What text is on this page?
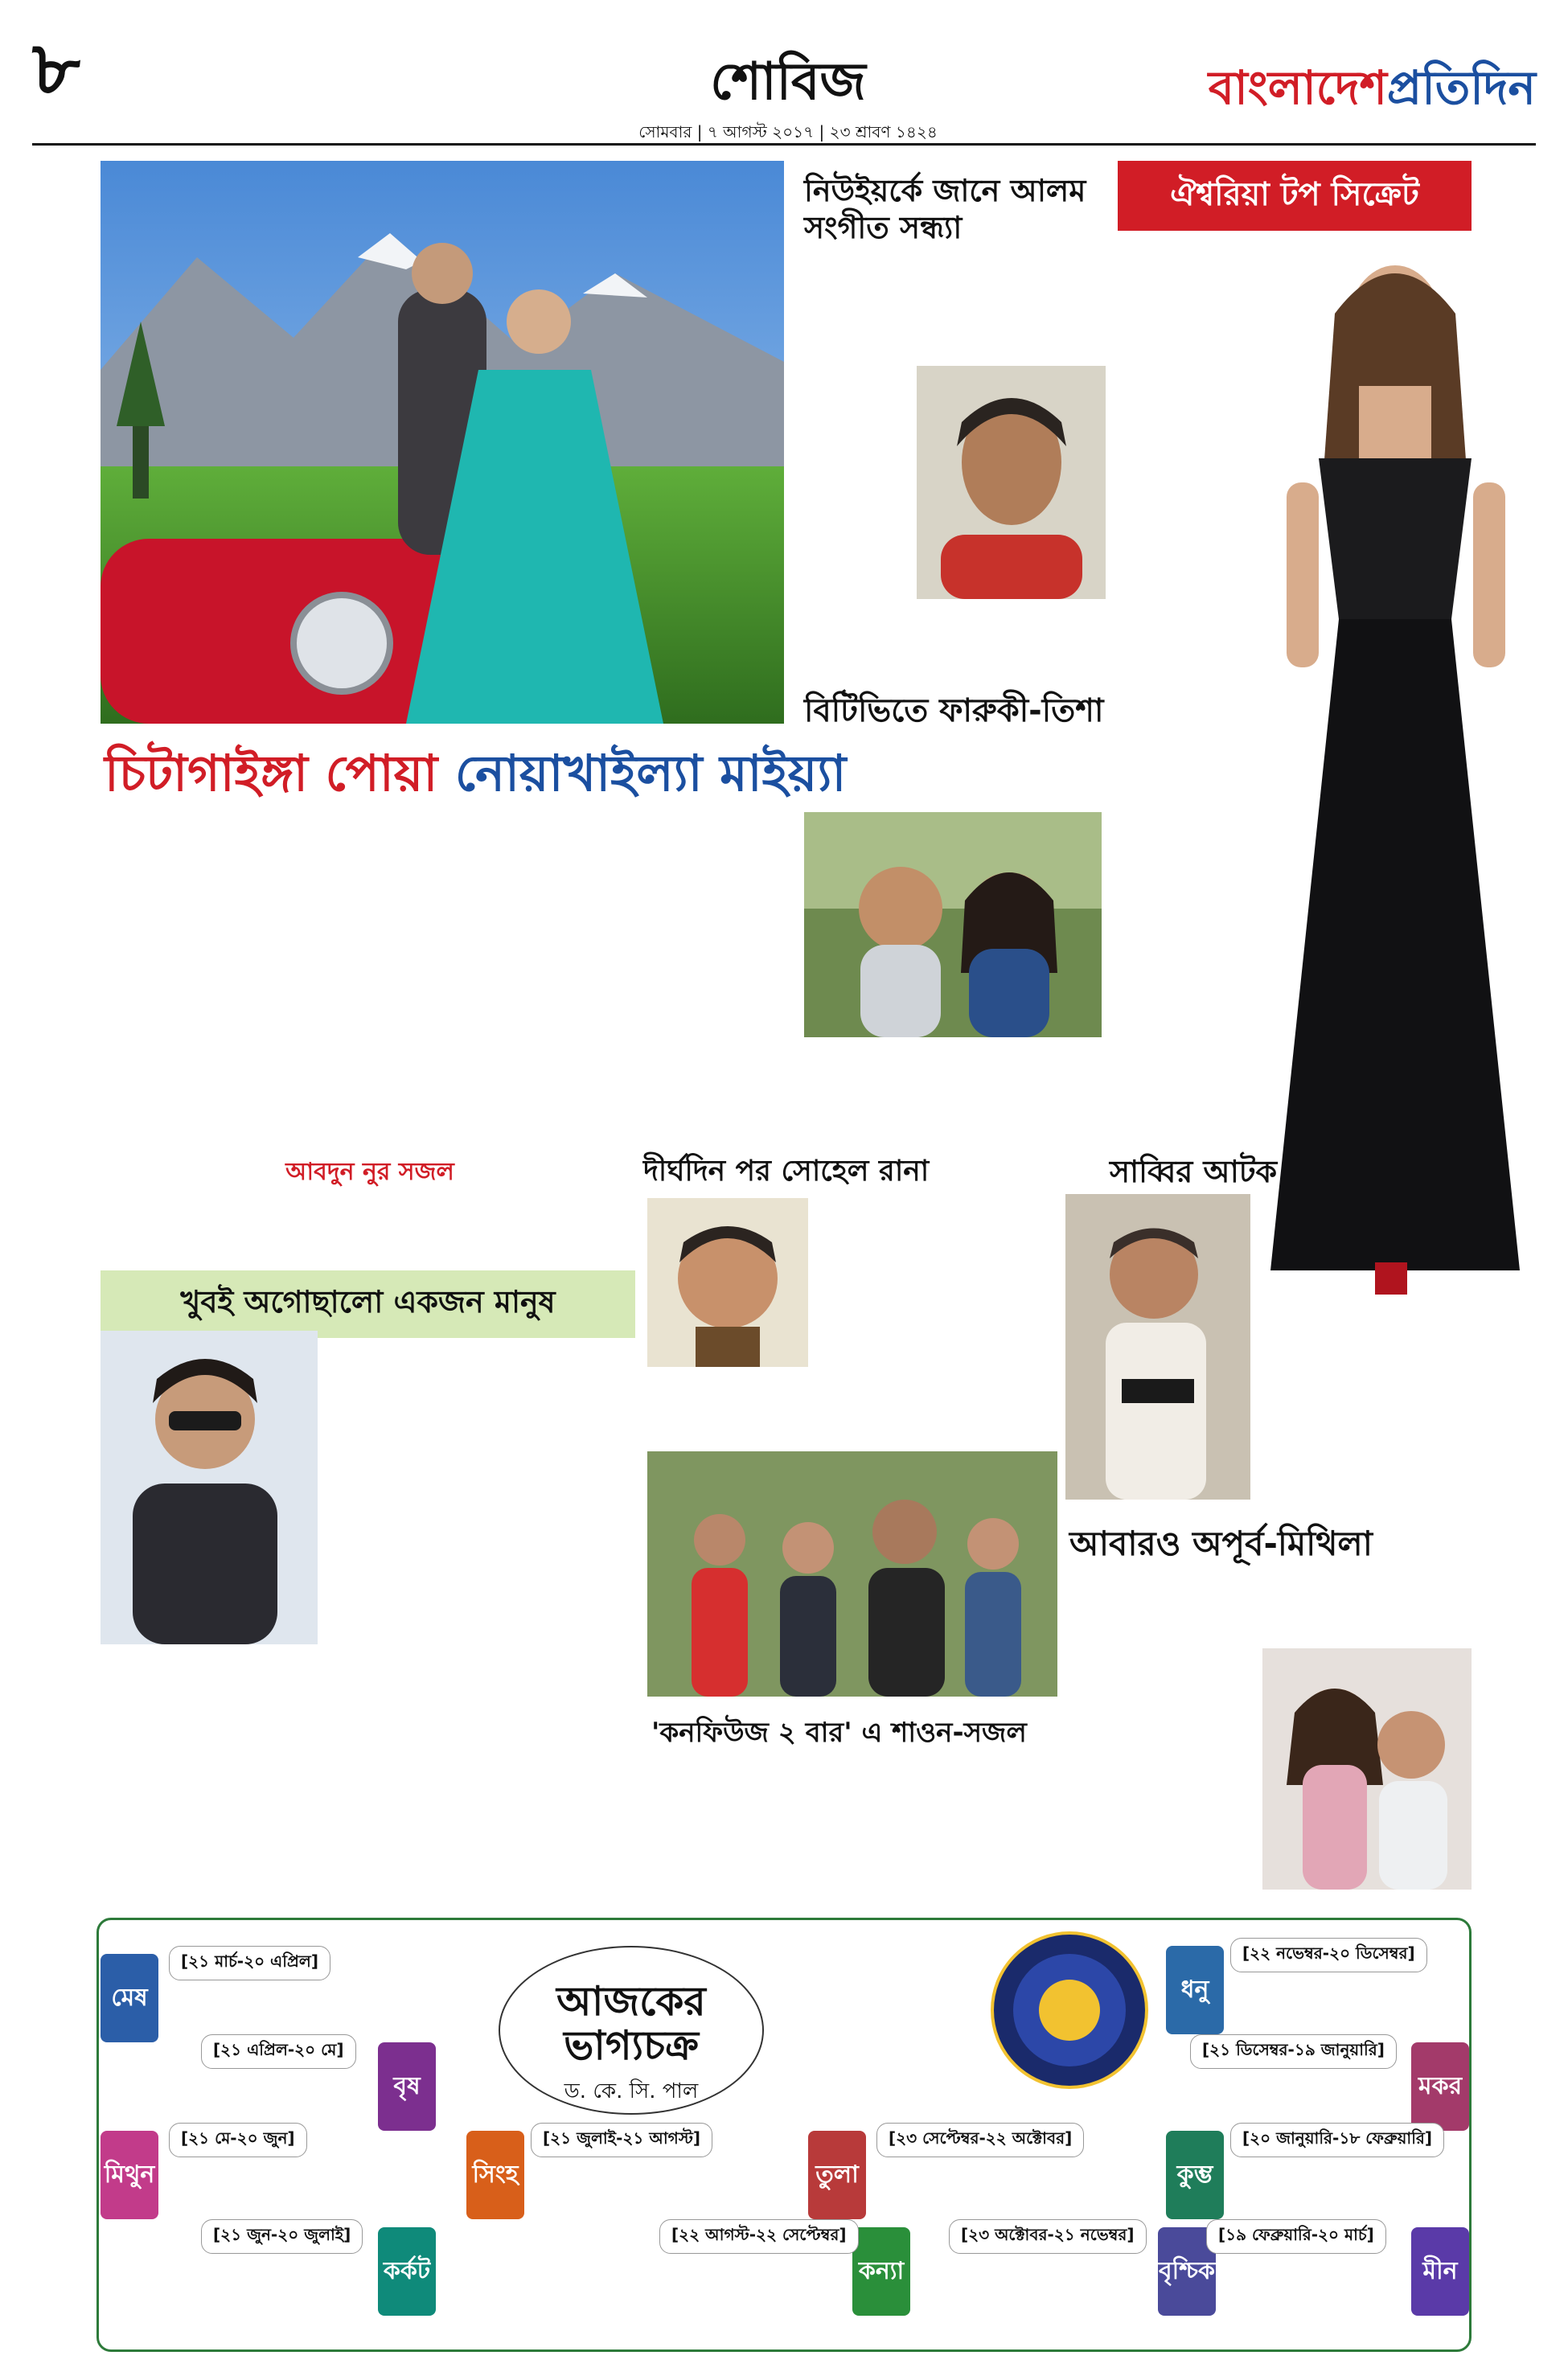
৮	শোবিজ
সোমবার | ৭ আগস্ট ২০১৭ | ২৩ শ্রাবণ ১৪২৪
বাংলাদেশপ্রতিদিন
চিটাগাইঙ্গা পোয়া নোয়াখাইল্যা মাইয়্যা
নিউইয়র্কে জানে আলম সংগীত সন্ধ্যা
ঐশ্বরিয়া টপ সিক্রেট
বিটিভিতে ফারুকী-তিশা
আবদুন নুর সজল
খুবই অগোছালো একজন মানুষ
দীর্ঘদিন পর সোহেল রানা
'কনফিউজ ২ বার' এ শাওন-সজল
সাব্বির আটক
আবারও অপূর্ব-মিথিলা
আজকের ভাগ্যচক্র
ড. কে. সি. পাল
মেষ
[২১ মার্চ-২০ এপ্রিল]
বৃষ
[২১ এপ্রিল-২০ মে]
মিথুন
[২১ মে-২০ জুন]
কর্কট
[২১ জুন-২০ জুলাই]
সিংহ
[২১ জুলাই-২১ আগস্ট]
কন্যা
[২২ আগস্ট-২২ সেপ্টেম্বর]
তুলা
[২৩ সেপ্টেম্বর-২২ অক্টোবর]
বৃশ্চিক
[২৩ অক্টোবর-২১ নভেম্বর]
ধনু
[২২ নভেম্বর-২০ ডিসেম্বর]
মকর
[২১ ডিসেম্বর-১৯ জানুয়ারি]
কুম্ভ
[২০ জানুয়ারি-১৮ ফেব্রুয়ারি]
মীন
[১৯ ফেব্রুয়ারি-২০ মার্চ]
